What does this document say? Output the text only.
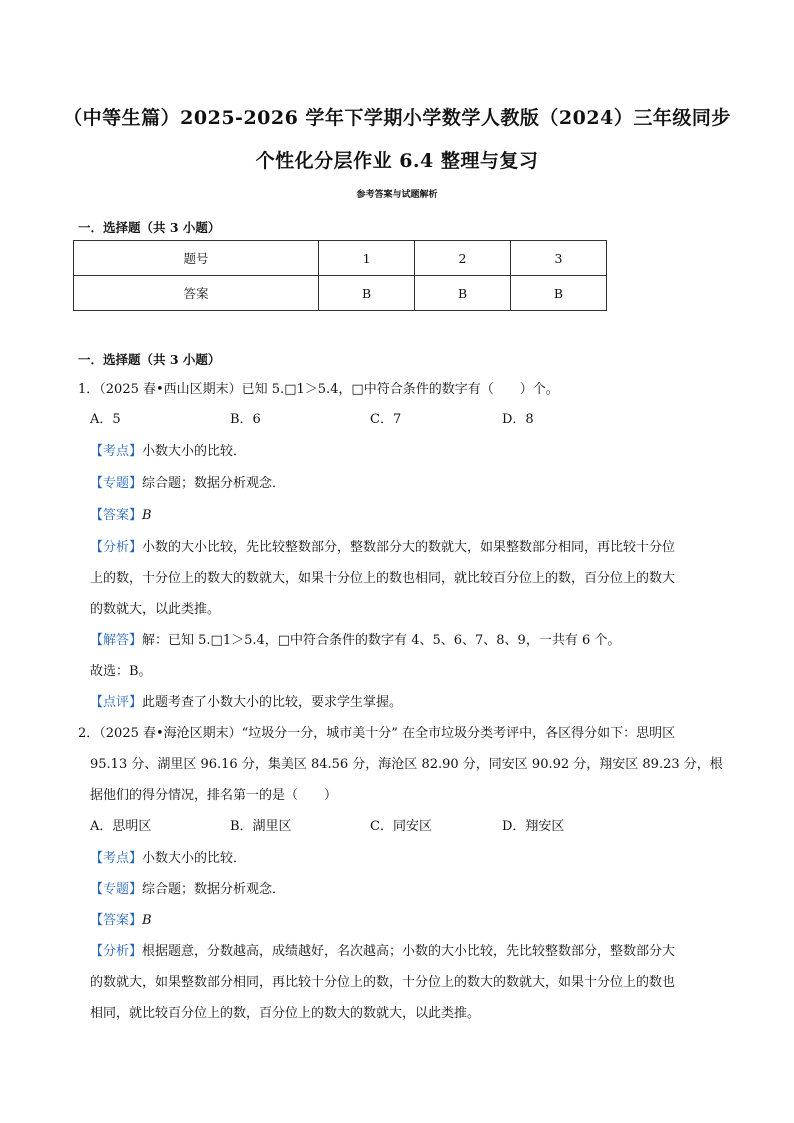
（中等生篇）2025-2026 学年下学期小学数学人教版（2024）三年级同步
个性化分层作业 6.4 整理与复习
参考答案与试题解析
一．选择题（共 3 小题）
题号	1	2	3
答案	B	B	B
一．选择题（共 3 小题）
1．（2025 春•西山区期末）已知 5.□1＞5.4，□中符合条件的数字有（　　）个。
A．5	B．6	C．7	D．8
【考点】小数大小的比较．
【专题】综合题；数据分析观念．
【答案】B
【分析】小数的大小比较，先比较整数部分，整数部分大的数就大，如果整数部分相同，再比较十分位
上的数，十分位上的数大的数就大，如果十分位上的数也相同，就比较百分位上的数，百分位上的数大
的数就大，以此类推。
【解答】解：已知 5.□1＞5.4，□中符合条件的数字有 4、5、6、7、8、9，一共有 6 个。
故选：B。
【点评】此题考查了小数大小的比较，要求学生掌握。
2．（2025 春•海沧区期末）“垃圾分一分，城市美十分” 在全市垃圾分类考评中，各区得分如下：思明区
95.13 分、湖里区 96.16 分，集美区 84.56 分，海沧区 82.90 分，同安区 90.92 分，翔安区 89.23 分，根
据他们的得分情况，排名第一的是（　　）
A．思明区	B．湖里区	C．同安区	D．翔安区
【考点】小数大小的比较．
【专题】综合题；数据分析观念．
【答案】B
【分析】根据题意，分数越高，成绩越好，名次越高；小数的大小比较，先比较整数部分，整数部分大
的数就大，如果整数部分相同，再比较十分位上的数，十分位上的数大的数就大，如果十分位上的数也
相同，就比较百分位上的数，百分位上的数大的数就大，以此类推。
